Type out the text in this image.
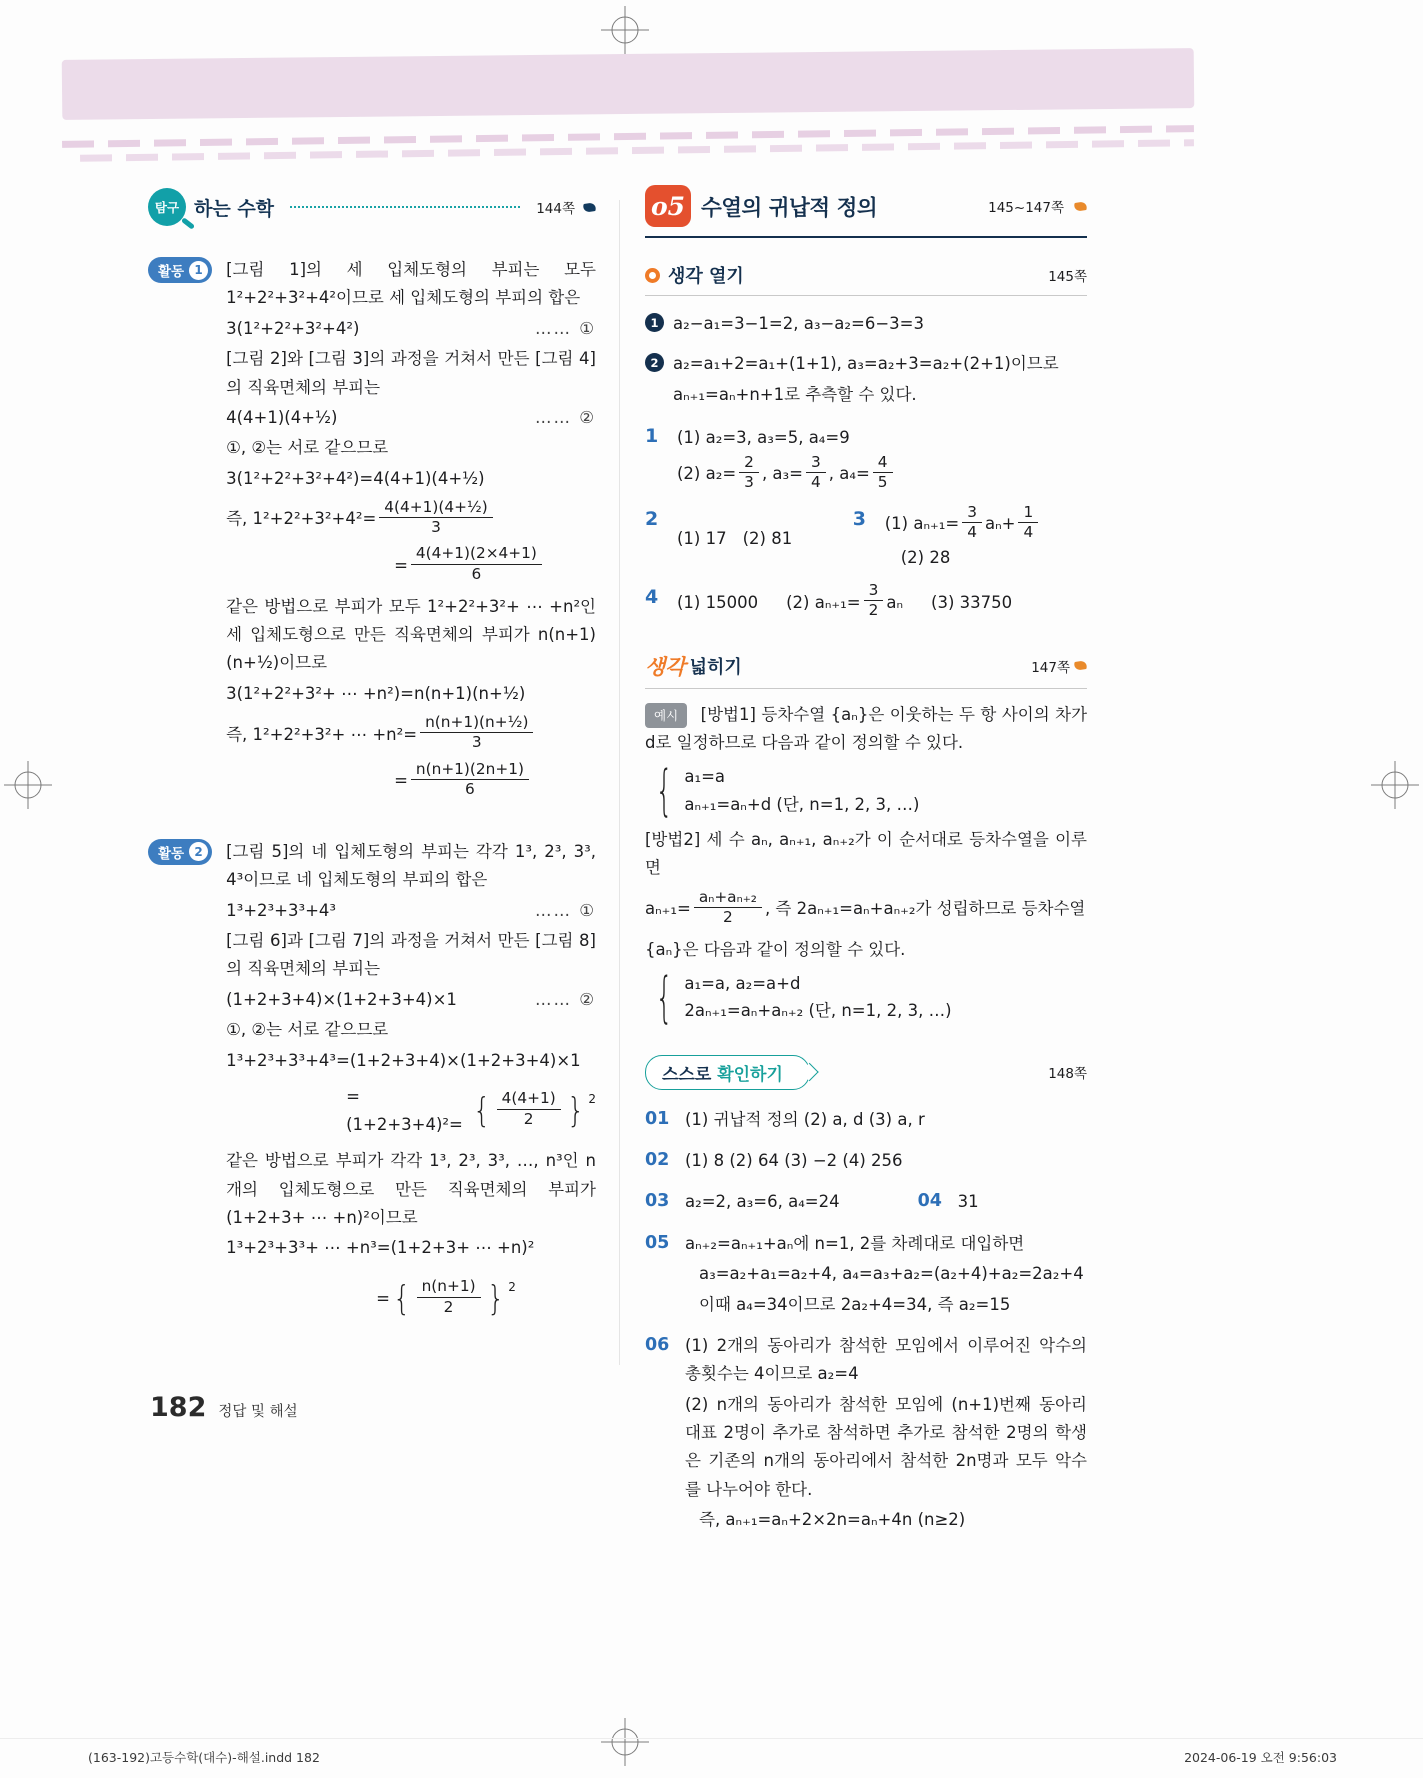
탐구 하는 수학	144쪽
활동 1	[그림 1]의 세 입체도형의 부피는 모두 1²+2²+3²+4²이므로 세 입체도형의 부피의 합은

3(1²+2²+3²+4²)	…… ①

[그림 2]와 [그림 3]의 과정을 거쳐서 만든 [그림 4]의 직육면체의 부피는

4(4+1)(4+½)	…… ②

①, ②는 서로 같으므로

3(1²+2²+3²+4²)=4(4+1)(4+½)

즉, $1^2+2^2+3^2+4^2= \frac{\text{4(4+1)(4+½)}}{3}$
= $\frac{4(4+1)(2\times 4+1)}{6}$

같은 방법으로 부피가 모두 1²+2²+3²+ ⋯ +n²인 세 입체도형으로 만든 직육면체의 부피가 n(n+1)(n+½)이므로

3(1²+2²+3²+ ⋯ +n²)=n(n+1)(n+½)

즉, 1²+2²+3²+ ⋯ $+n^2= \frac{\text{n(n+1)(n+½)}}{3}$
= $\frac{n(n+1)(2n+1)}{6}$
활동 2	[그림 5]의 네 입체도형의 부피는 각각 1³, 2³, 3³, 4³이므로 네 입체도형의 부피의 합은

1³+2³+3³+4³	…… ①

[그림 6]과 [그림 7]의 과정을 거쳐서 만든 [그림 8]의 직육면체의 부피는

(1+2+3+4)×(1+2+3+4)×1	…… ②

①, ②는 서로 같으므로

1³+2³+3³+4³=(1+2+3+4)×(1+2+3+4)×1

=(1+2+3+4)²= { $\frac{4(4+1)}{2}$ } $^2$

같은 방법으로 부피가 각각 1³, 2³, 3³, …, n³인 n개의 입체도형으로 만든 직육면체의 부피가 (1+2+3+ ⋯ +n)²이므로

1³+2³+3³+ ⋯ +n³=(1+2+3+ ⋯ +n)²

= { $\frac{n(n+1)}{2}$ } $^2$
o5 수열의 귀납적 정의	145~147쪽
생각 열기	145쪽
1 a₂−a₁=3−1=2, a₃−a₂=6−3=3

2 a₂=a₁+2=a₁+(1+1), a₃=a₂+3=a₂+(2+1)이므로

aₙ₊₁=aₙ+n+1로 추측할 수 있다.

1	(1) a₂=3, a₃=5, a₄=9

(2) $a_2= \frac{2}{3}$ , $a_3= \frac{3}{4}$ , $a_4= \frac{4}{5}$
2
(1) 17 (2) 81
3	(1) $a_{n+1}= \frac{3}{4} a_n+ \frac{1}{4}$
(2) 28
4	(1) 15000 (2) $a_{n+1}= \frac{3}{2}$ aₙ (3) 33750
생각 넓히기	147쪽

예시 [방법1] 등차수열 {aₙ}은 이웃하는 두 항 사이의 차가 d로 일정하므로 다음과 같이 정의할 수 있다.

{ a₁=a

aₙ₊₁=aₙ+d (단, n=1, 2, 3, …)

[방법2] 세 수 aₙ, aₙ₊₁, aₙ₊₂가 이 순서대로 등차수열을 이루면

$a_{n+1}= \frac{\text{aₙ+aₙ₊₂}}{2}$ , 즉 2aₙ₊₁=aₙ+aₙ₊₂가 성립하므로 등차수열

{aₙ}은 다음과 같이 정의할 수 있다.

{ a₁=a, a₂=a+d

2aₙ₊₁=aₙ+aₙ₊₂ (단, n=1, 2, 3, …)

스스로 확인하기	148쪽
01 (1) 귀납적 정의 (2) a, d (3) a, r

02 (1) 8 (2) 64 (3) −2 (4) 256

03 a₂=2, a₃=6, a₄=24	04 31
05 aₙ₊₂=aₙ₊₁+aₙ에 n=1, 2를 차례대로 대입하면

a₃=a₂+a₁=a₂+4, a₄=a₃+a₂=(a₂+4)+a₂=2a₂+4

이때 a₄=34이므로 2a₂+4=34, 즉 a₂=15

06 (1) 2개의 동아리가 참석한 모임에서 이루어진 악수의 총횟수는 4이므로 a₂=4

(2) n개의 동아리가 참석한 모임에 (n+1)번째 동아리 대표 2명이 추가로 참석하면 추가로 참석한 2명의 학생은 기존의 n개의 동아리에서 참석한 2n명과 모두 악수를 나누어야 한다.

즉, aₙ₊₁=aₙ+2×2n=aₙ+4n (n≥2)

182 정답 및 해설
(163-192)고등수학(대수)-해설.indd 182	2024-06-19 오전 9:56:03
